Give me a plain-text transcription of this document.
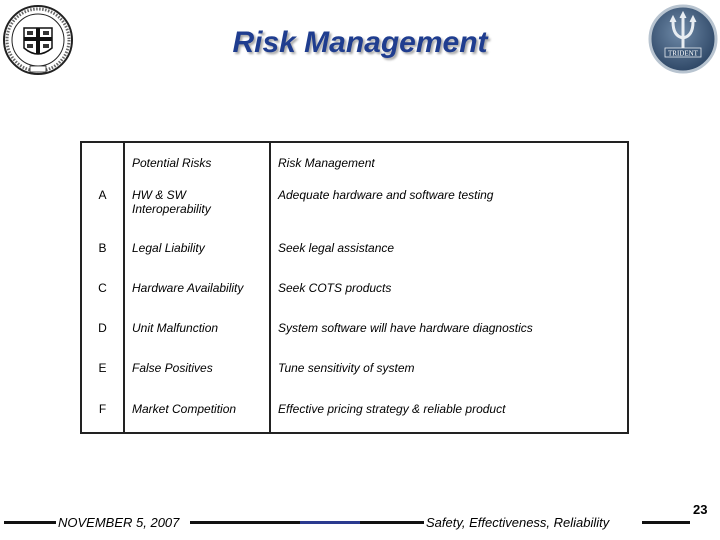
TRIDENT
Risk Management
	Potential Risks	Risk Management
A	HW & SW Interoperability	Adequate hardware and software testing
B	Legal Liability	Seek legal assistance
C	Hardware Availability	Seek COTS products
D	Unit Malfunction	System software will have hardware diagnostics
E	False Positives	Tune sensitivity of system
F	Market Competition	Effective pricing strategy & reliable product
NOVEMBER 5, 2007	Safety, Effectiveness, Reliability
23
